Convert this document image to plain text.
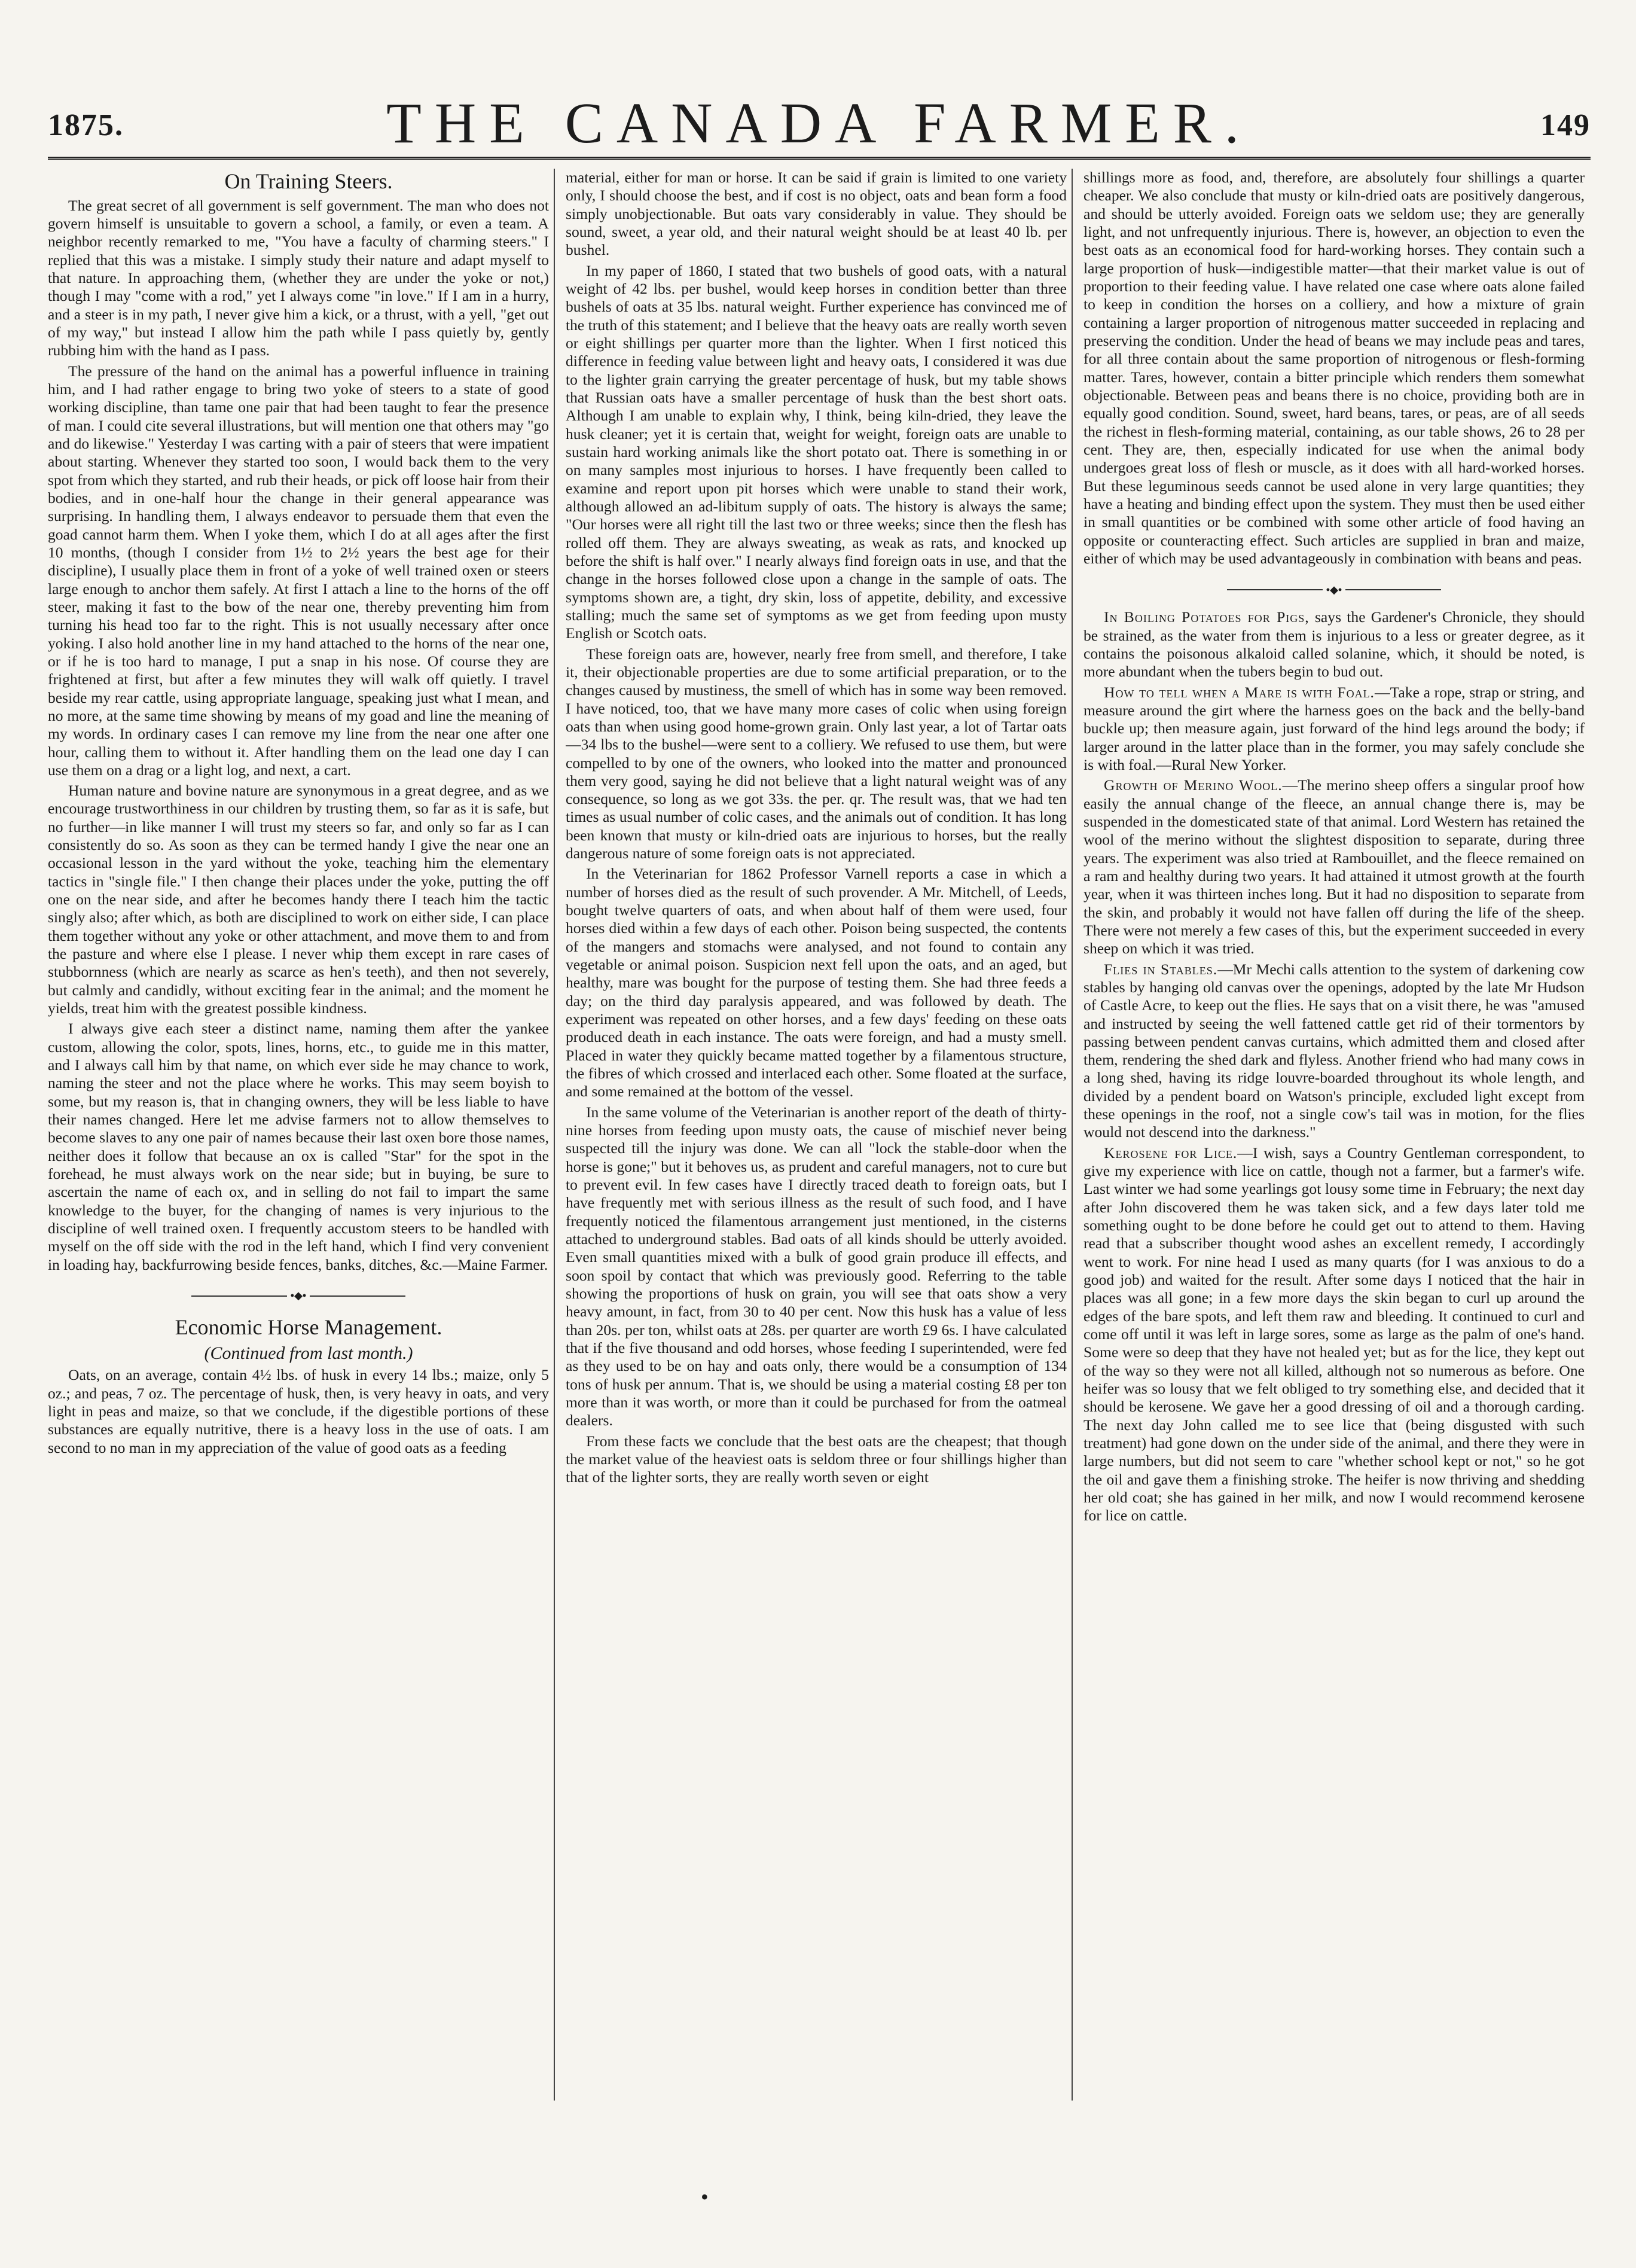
1875.	THE CANADA FARMER.	149

On Training Steers.

The great secret of all government is self government. The man who does not govern himself is unsuitable to govern a school, a family, or even a team. A neighbor recently remarked to me, "You have a faculty of charming steers." I replied that this was a mistake. I simply study their nature and adapt myself to that nature. In approaching them, (whether they are under the yoke or not,) though I may "come with a rod," yet I always come "in love." If I am in a hurry, and a steer is in my path, I never give him a kick, or a thrust, with a yell, "get out of my way," but instead I allow him the path while I pass quietly by, gently rubbing him with the hand as I pass.

The pressure of the hand on the animal has a powerful influence in training him, and I had rather engage to bring two yoke of steers to a state of good working discipline, than tame one pair that had been taught to fear the presence of man. I could cite several illustrations, but will mention one that others may "go and do likewise." Yesterday I was carting with a pair of steers that were impatient about starting. Whenever they started too soon, I would back them to the very spot from which they started, and rub their heads, or pick off loose hair from their bodies, and in one-half hour the change in their general appearance was surprising. In handling them, I always endeavor to persuade them that even the goad cannot harm them. When I yoke them, which I do at all ages after the first 10 months, (though I consider from 1½ to 2½ years the best age for their discipline), I usually place them in front of a yoke of well trained oxen or steers large enough to anchor them safely. At first I attach a line to the horns of the off steer, making it fast to the bow of the near one, thereby preventing him from turning his head too far to the right. This is not usually necessary after once yoking. I also hold another line in my hand attached to the horns of the near one, or if he is too hard to manage, I put a snap in his nose. Of course they are frightened at first, but after a few minutes they will walk off quietly. I travel beside my rear cattle, using appropriate language, speaking just what I mean, and no more, at the same time showing by means of my goad and line the meaning of my words. In ordinary cases I can remove my line from the near one after one hour, calling them to without it. After handling them on the lead one day I can use them on a drag or a light log, and next, a cart.

Human nature and bovine nature are synonymous in a great degree, and as we encourage trustworthiness in our children by trusting them, so far as it is safe, but no further—in like manner I will trust my steers so far, and only so far as I can consistently do so. As soon as they can be termed handy I give the near one an occasional lesson in the yard without the yoke, teaching him the elementary tactics in "single file." I then change their places under the yoke, putting the off one on the near side, and after he becomes handy there I teach him the tactic singly also; after which, as both are disciplined to work on either side, I can place them together without any yoke or other attachment, and move them to and from the pasture and where else I please. I never whip them except in rare cases of stubbornness (which are nearly as scarce as hen's teeth), and then not severely, but calmly and candidly, without exciting fear in the animal; and the moment he yields, treat him with the greatest possible kindness.

I always give each steer a distinct name, naming them after the yankee custom, allowing the color, spots, lines, horns, etc., to guide me in this matter, and I always call him by that name, on which ever side he may chance to work, naming the steer and not the place where he works. This may seem boyish to some, but my reason is, that in changing owners, they will be less liable to have their names changed. Here let me advise farmers not to allow themselves to become slaves to any one pair of names because their last oxen bore those names, neither does it follow that because an ox is called "Star" for the spot in the forehead, he must always work on the near side; but in buying, be sure to ascertain the name of each ox, and in selling do not fail to impart the same knowledge to the buyer, for the changing of names is very injurious to the discipline of well trained oxen. I frequently accustom steers to be handled with myself on the off side with the rod in the left hand, which I find very convenient in loading hay, backfurrowing beside fences, banks, ditches, &c.—Maine Farmer.

•◆•

Economic Horse Management.

(Continued from last month.)

Oats, on an average, contain 4½ lbs. of husk in every 14 lbs.; maize, only 5 oz.; and peas, 7 oz. The percentage of husk, then, is very heavy in oats, and very light in peas and maize, so that we conclude, if the digestible portions of these substances are equally nutritive, there is a heavy loss in the use of oats. I am second to no man in my appreciation of the value of good oats as a feeding

material, either for man or horse. It can be said if grain is limited to one variety only, I should choose the best, and if cost is no object, oats and bean form a food simply unobjectionable. But oats vary considerably in value. They should be sound, sweet, a year old, and their natural weight should be at least 40 lb. per bushel.

In my paper of 1860, I stated that two bushels of good oats, with a natural weight of 42 lbs. per bushel, would keep horses in condition better than three bushels of oats at 35 lbs. natural weight. Further experience has convinced me of the truth of this statement; and I believe that the heavy oats are really worth seven or eight shillings per quarter more than the lighter. When I first noticed this difference in feeding value between light and heavy oats, I considered it was due to the lighter grain carrying the greater percentage of husk, but my table shows that Russian oats have a smaller percentage of husk than the best short oats. Although I am unable to explain why, I think, being kiln-dried, they leave the husk cleaner; yet it is certain that, weight for weight, foreign oats are unable to sustain hard working animals like the short potato oat. There is something in or on many samples most injurious to horses. I have frequently been called to examine and report upon pit horses which were unable to stand their work, although allowed an ad-libitum supply of oats. The history is always the same; "Our horses were all right till the last two or three weeks; since then the flesh has rolled off them. They are always sweating, as weak as rats, and knocked up before the shift is half over." I nearly always find foreign oats in use, and that the change in the horses followed close upon a change in the sample of oats. The symptoms shown are, a tight, dry skin, loss of appetite, debility, and excessive stalling; much the same set of symptoms as we get from feeding upon musty English or Scotch oats.

These foreign oats are, however, nearly free from smell, and therefore, I take it, their objectionable properties are due to some artificial preparation, or to the changes caused by mustiness, the smell of which has in some way been removed. I have noticed, too, that we have many more cases of colic when using foreign oats than when using good home-grown grain. Only last year, a lot of Tartar oats—34 lbs to the bushel—were sent to a colliery. We refused to use them, but were compelled to by one of the owners, who looked into the matter and pronounced them very good, saying he did not believe that a light natural weight was of any consequence, so long as we got 33s. the per. qr. The result was, that we had ten times as usual number of colic cases, and the animals out of condition. It has long been known that musty or kiln-dried oats are injurious to horses, but the really dangerous nature of some foreign oats is not appreciated.

In the Veterinarian for 1862 Professor Varnell reports a case in which a number of horses died as the result of such provender. A Mr. Mitchell, of Leeds, bought twelve quarters of oats, and when about half of them were used, four horses died within a few days of each other. Poison being suspected, the contents of the mangers and stomachs were analysed, and not found to contain any vegetable or animal poison. Suspicion next fell upon the oats, and an aged, but healthy, mare was bought for the purpose of testing them. She had three feeds a day; on the third day paralysis appeared, and was followed by death. The experiment was repeated on other horses, and a few days' feeding on these oats produced death in each instance. The oats were foreign, and had a musty smell. Placed in water they quickly became matted together by a filamentous structure, the fibres of which crossed and interlaced each other. Some floated at the surface, and some remained at the bottom of the vessel.

In the same volume of the Veterinarian is another report of the death of thirty-nine horses from feeding upon musty oats, the cause of mischief never being suspected till the injury was done. We can all "lock the stable-door when the horse is gone;" but it behoves us, as prudent and careful managers, not to cure but to prevent evil. In few cases have I directly traced death to foreign oats, but I have frequently met with serious illness as the result of such food, and I have frequently noticed the filamentous arrangement just mentioned, in the cisterns attached to underground stables. Bad oats of all kinds should be utterly avoided. Even small quantities mixed with a bulk of good grain produce ill effects, and soon spoil by contact that which was previously good. Referring to the table showing the proportions of husk on grain, you will see that oats show a very heavy amount, in fact, from 30 to 40 per cent. Now this husk has a value of less than 20s. per ton, whilst oats at 28s. per quarter are worth £9 6s. I have calculated that if the five thousand and odd horses, whose feeding I superintended, were fed as they used to be on hay and oats only, there would be a consumption of 134 tons of husk per annum. That is, we should be using a material costing £8 per ton more than it was worth, or more than it could be purchased for from the oatmeal dealers.

From these facts we conclude that the best oats are the cheapest; that though the market value of the heaviest oats is seldom three or four shillings higher than that of the lighter sorts, they are really worth seven or eight

shillings more as food, and, therefore, are absolutely four shillings a quarter cheaper. We also conclude that musty or kiln-dried oats are positively dangerous, and should be utterly avoided. Foreign oats we seldom use; they are generally light, and not unfrequently injurious. There is, however, an objection to even the best oats as an economical food for hard-working horses. They contain such a large proportion of husk—indigestible matter—that their market value is out of proportion to their feeding value. I have related one case where oats alone failed to keep in condition the horses on a colliery, and how a mixture of grain containing a larger proportion of nitrogenous matter succeeded in replacing and preserving the condition. Under the head of beans we may include peas and tares, for all three contain about the same proportion of nitrogenous or flesh-forming matter. Tares, however, contain a bitter principle which renders them somewhat objectionable. Between peas and beans there is no choice, providing both are in equally good condition. Sound, sweet, hard beans, tares, or peas, are of all seeds the richest in flesh-forming material, containing, as our table shows, 26 to 28 per cent. They are, then, especially indicated for use when the animal body undergoes great loss of flesh or muscle, as it does with all hard-worked horses. But these leguminous seeds cannot be used alone in very large quantities; they have a heating and binding effect upon the system. They must then be used either in small quantities or be combined with some other article of food having an opposite or counteracting effect. Such articles are supplied in bran and maize, either of which may be used advantageously in combination with beans and peas.

•◆•

In Boiling Potatoes for Pigs, says the Gardener's Chronicle, they should be strained, as the water from them is injurious to a less or greater degree, as it contains the poisonous alkaloid called solanine, which, it should be noted, is more abundant when the tubers begin to bud out.

How to tell when a Mare is with Foal.—Take a rope, strap or string, and measure around the girt where the harness goes on the back and the belly-band buckle up; then measure again, just forward of the hind legs around the body; if larger around in the latter place than in the former, you may safely conclude she is with foal.—Rural New Yorker.

Growth of Merino Wool.—The merino sheep offers a singular proof how easily the annual change of the fleece, an annual change there is, may be suspended in the domesticated state of that animal. Lord Western has retained the wool of the merino without the slightest disposition to separate, during three years. The experiment was also tried at Rambouillet, and the fleece remained on a ram and healthy during two years. It had attained it utmost growth at the fourth year, when it was thirteen inches long. But it had no disposition to separate from the skin, and probably it would not have fallen off during the life of the sheep. There were not merely a few cases of this, but the experiment succeeded in every sheep on which it was tried.

Flies in Stables.—Mr Mechi calls attention to the system of darkening cow stables by hanging old canvas over the openings, adopted by the late Mr Hudson of Castle Acre, to keep out the flies. He says that on a visit there, he was "amused and instructed by seeing the well fattened cattle get rid of their tormentors by passing between pendent canvas curtains, which admitted them and closed after them, rendering the shed dark and flyless. Another friend who had many cows in a long shed, having its ridge louvre-boarded throughout its whole length, and divided by a pendent board on Watson's principle, excluded light except from these openings in the roof, not a single cow's tail was in motion, for the flies would not descend into the darkness."

Kerosene for Lice.—I wish, says a Country Gentleman correspondent, to give my experience with lice on cattle, though not a farmer, but a farmer's wife. Last winter we had some yearlings got lousy some time in February; the next day after John discovered them he was taken sick, and a few days later told me something ought to be done before he could get out to attend to them. Having read that a subscriber thought wood ashes an excellent remedy, I accordingly went to work. For nine head I used as many quarts (for I was anxious to do a good job) and waited for the result. After some days I noticed that the hair in places was all gone; in a few more days the skin began to curl up around the edges of the bare spots, and left them raw and bleeding. It continued to curl and come off until it was left in large sores, some as large as the palm of one's hand. Some were so deep that they have not healed yet; but as for the lice, they kept out of the way so they were not all killed, although not so numerous as before. One heifer was so lousy that we felt obliged to try something else, and decided that it should be kerosene. We gave her a good dressing of oil and a thorough carding. The next day John called me to see lice that (being disgusted with such treatment) had gone down on the under side of the animal, and there they were in large numbers, but did not seem to care "whether school kept or not," so he got the oil and gave them a finishing stroke. The heifer is now thriving and shedding her old coat; she has gained in her milk, and now I would recommend kerosene for lice on cattle.

•
